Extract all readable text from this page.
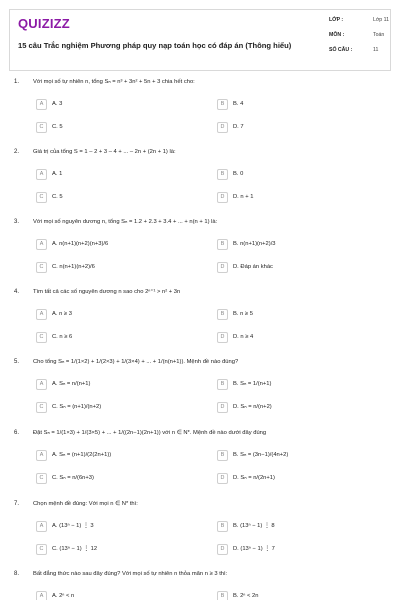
QUIZIZZ
15 câu Trắc nghiệm Phương pháp quy nạp toán học có đáp án (Thông hiểu)
LỚP :	Lớp 11
MÔN :	Toán
SỐ CÂU :	11
1. Với mọi số tự nhiên n, tổng Sₙ = n³ + 3n² + 5n + 3 chia hết cho:
A	A. 3	B	B. 4
C	C. 5	D	D. 7
2. Giá trị của tổng S = 1 – 2 + 3 – 4 + ... – 2n + (2n + 1) là:
A	A. 1	B	B. 0
C	C. 5	D	D. n + 1
3. Với mọi số nguyên dương n, tổng Sₙ = 1.2 + 2.3 + 3.4 + ... + n(n + 1) là:
A	A. n(n+1)(n+2)(n+3)/6	B	B. n(n+1)(n+2)/3
C	C. n(n+1)(n+2)/6	D	D. Đáp án khác
4. Tìm tất cả các số nguyên dương n sao cho 2ⁿ⁺¹ > n² + 3n
A	A. n ≥ 3	B	B. n ≥ 5
C	C. n ≥ 6	D	D. n ≥ 4
5. Cho tổng Sₙ = 1/(1×2) + 1/(2×3) + 1/(3×4) + ... + 1/(n(n+1)). Mệnh đề nào đúng?
A	A. Sₙ = n/(n+1)	B	B. Sₙ = 1/(n+1)
C	C. Sₙ = (n+1)/(n+2)	D	D. Sₙ = n/(n+2)
6. Đặt Sₙ = 1/(1×3) + 1/(3×5) + ... + 1/((2n−1)(2n+1)) với n ∈ N*. Mệnh đề nào dưới đây đúng
A	A. Sₙ = (n+1)/(2(2n+1))	B	B. Sₙ = (3n−1)/(4n+2)
C	C. Sₙ = n/(6n+3)	D	D. Sₙ = n/(2n+1)
7. Chọn mệnh đề đúng: Với mọi n ∈ N* thì:
A	A. (13ⁿ − 1) ⋮ 3	B	B. (13ⁿ − 1) ⋮ 8
C	C. (13ⁿ − 1) ⋮ 12	D	D. (13ⁿ − 1) ⋮ 7
8. Bất đẳng thức nào sau đây đúng? Với mọi số tự nhiên n thỏa mãn n ≥ 3 thì:
A	A. 2ⁿ < n	B	B. 2ⁿ < 2n
